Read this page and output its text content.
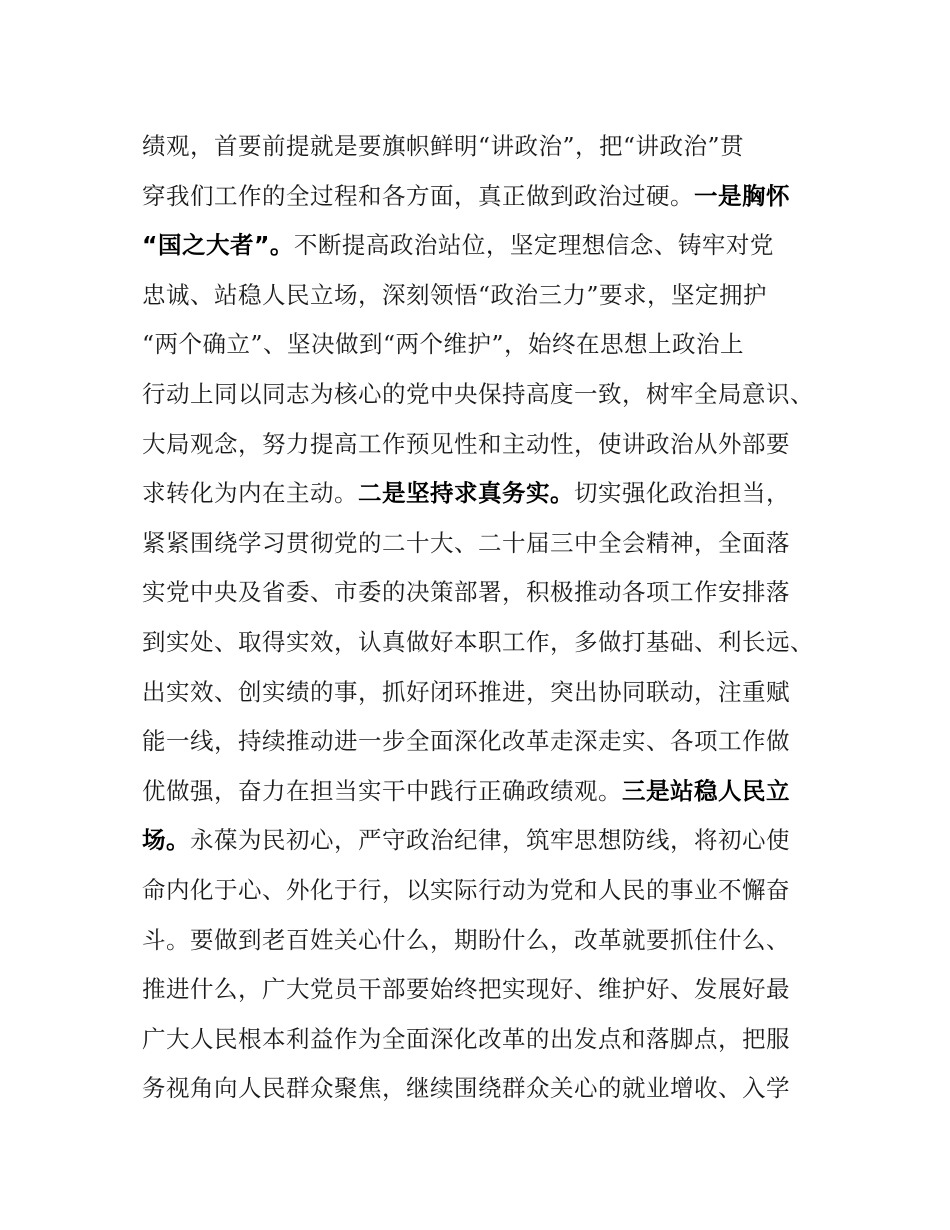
绩观，首要前提就是要旗帜鲜明“讲政治”，把“讲政治”贯
穿我们工作的全过程和各方面，真正做到政治过硬。一是胸怀
“国之大者”。不断提高政治站位，坚定理想信念、铸牢对党
忠诚、站稳人民立场，深刻领悟“政治三力”要求，坚定拥护
“两个确立”、坚决做到“两个维护”，始终在思想上政治上
行动上同以同志为核心的党中央保持高度一致，树牢全局意识、
大局观念，努力提高工作预见性和主动性，使讲政治从外部要
求转化为内在主动。二是坚持求真务实。切实强化政治担当，
紧紧围绕学习贯彻党的二十大、二十届三中全会精神，全面落
实党中央及省委、市委的决策部署，积极推动各项工作安排落
到实处、取得实效，认真做好本职工作，多做打基础、利长远、
出实效、创实绩的事，抓好闭环推进，突出协同联动，注重赋
能一线，持续推动进一步全面深化改革走深走实、各项工作做
优做强，奋力在担当实干中践行正确政绩观。三是站稳人民立
场。永葆为民初心，严守政治纪律，筑牢思想防线，将初心使
命内化于心、外化于行，以实际行动为党和人民的事业不懈奋
斗。要做到老百姓关心什么，期盼什么，改革就要抓住什么、
推进什么，广大党员干部要始终把实现好、维护好、发展好最
广大人民根本利益作为全面深化改革的出发点和落脚点，把服
务视角向人民群众聚焦，继续围绕群众关心的就业增收、入学
